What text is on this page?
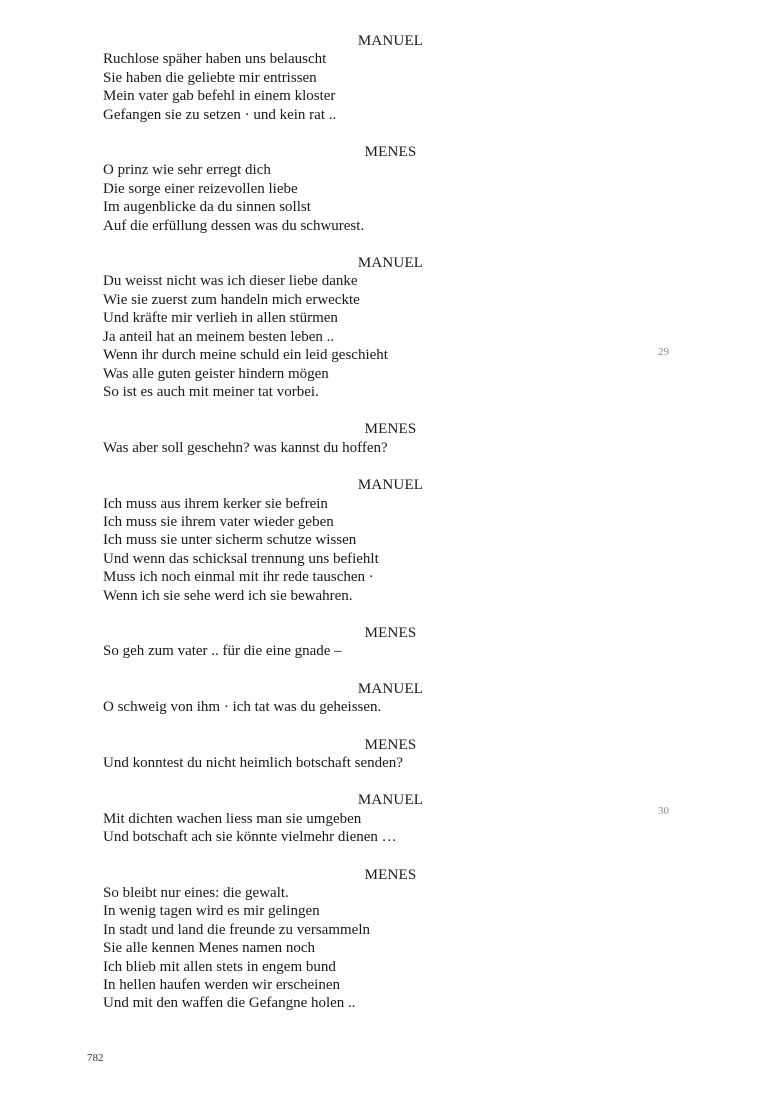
MANUEL
Ruchlose späher haben uns belauscht
Sie haben die geliebte mir entrissen
Mein vater gab befehl in einem kloster
Gefangen sie zu setzen · und kein rat ..
MENES
O prinz wie sehr erregt dich
Die sorge einer reizevollen liebe
Im augenblicke da du sinnen sollst
Auf die erfüllung dessen was du schwurest.
MANUEL
Du weisst nicht was ich dieser liebe danke
Wie sie zuerst zum handeln mich erweckte
Und kräfte mir verlieh in allen stürmen
Ja anteil hat an meinem besten leben ..
Wenn ihr durch meine schuld ein leid geschieht
Was alle guten geister hindern mögen
So ist es auch mit meiner tat vorbei.
MENES
Was aber soll geschehn? was kannst du hoffen?
MANUEL
Ich muss aus ihrem kerker sie befrein
Ich muss sie ihrem vater wieder geben
Ich muss sie unter sicherm schutze wissen
Und wenn das schicksal trennung uns befiehlt
Muss ich noch einmal mit ihr rede tauschen ·
Wenn ich sie sehe werd ich sie bewahren.
MENES
So geh zum vater .. für die eine gnade –
MANUEL
O schweig von ihm · ich tat was du geheissen.
MENES
Und konntest du nicht heimlich botschaft senden?
MANUEL
Mit dichten wachen liess man sie umgeben
Und botschaft ach sie könnte vielmehr dienen …
MENES
So bleibt nur eines: die gewalt.
In wenig tagen wird es mir gelingen
In stadt und land die freunde zu versammeln
Sie alle kennen Menes namen noch
Ich blieb mit allen stets in engem bund
In hellen haufen werden wir erscheinen
Und mit den waffen die Gefangne holen ..
29
30
782
